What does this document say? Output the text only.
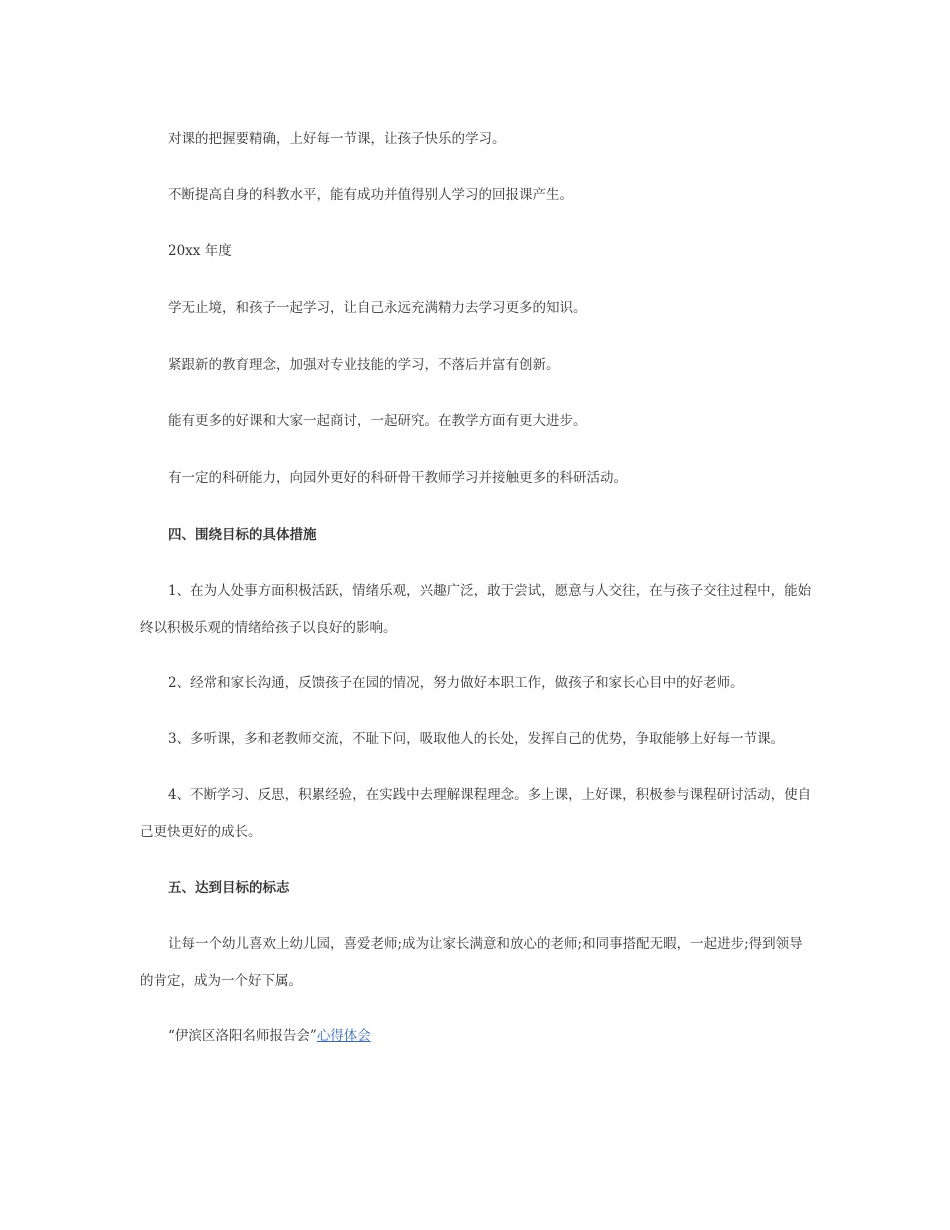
对课的把握要精确，上好每一节课，让孩子快乐的学习。

不断提高自身的科教水平，能有成功并值得别人学习的回报课产生。

20xx 年度

学无止境，和孩子一起学习，让自己永远充满精力去学习更多的知识。

紧跟新的教育理念，加强对专业技能的学习，不落后并富有创新。

能有更多的好课和大家一起商讨，一起研究。在教学方面有更大进步。

有一定的科研能力，向园外更好的科研骨干教师学习并接触更多的科研活动。

四、围绕目标的具体措施

1、在为人处事方面积极活跃，情绪乐观，兴趣广泛，敢于尝试，愿意与人交往，在与孩子交往过程中，能始终以积极乐观的情绪给孩子以良好的影响。

2、经常和家长沟通，反馈孩子在园的情况，努力做好本职工作，做孩子和家长心目中的好老师。

3、多听课，多和老教师交流，不耻下问，吸取他人的长处，发挥自己的优势，争取能够上好每一节课。

4、不断学习、反思，积累经验，在实践中去理解课程理念。多上课，上好课，积极参与课程研讨活动，使自己更快更好的成长。

五、达到目标的标志

让每一个幼儿喜欢上幼儿园，喜爱老师;成为让家长满意和放心的老师;和同事搭配无暇，一起进步;得到领导的肯定，成为一个好下属。

“伊滨区洛阳名师报告会”心得体会
